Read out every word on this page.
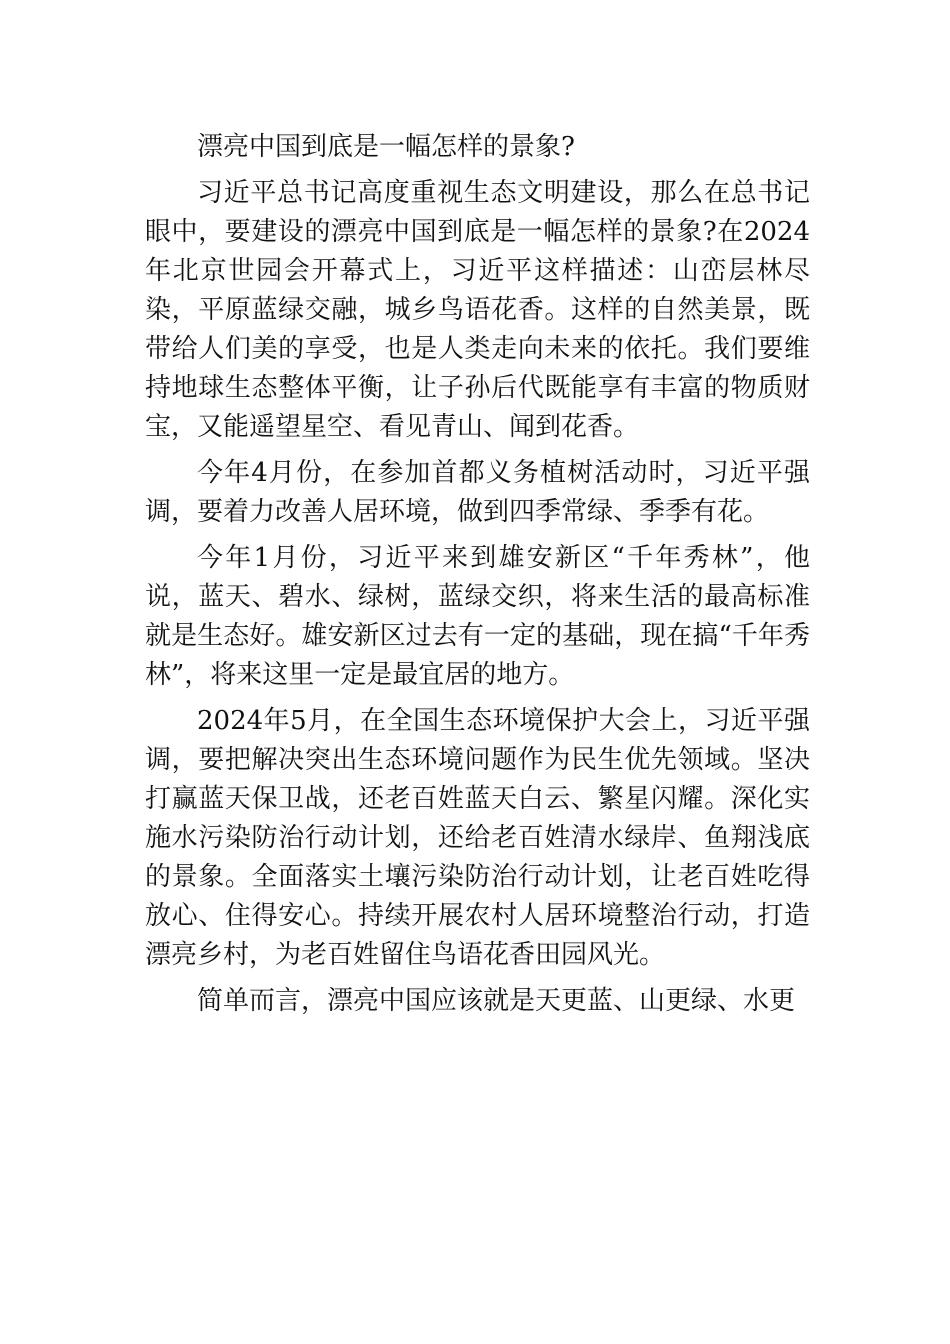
漂亮中国到底是一幅怎样的景象?

习近平总书记高度重视生态文明建设，那么在总书记眼中，要建设的漂亮中国到底是一幅怎样的景象?在2024年北京世园会开幕式上，习近平这样描述：山峦层林尽染，平原蓝绿交融，城乡鸟语花香。这样的自然美景，既带给人们美的享受，也是人类走向未来的依托。我们要维持地球生态整体平衡，让子孙后代既能享有丰富的物质财宝，又能遥望星空、看见青山、闻到花香。

今年4月份，在参加首都义务植树活动时，习近平强调，要着力改善人居环境，做到四季常绿、季季有花。

今年1月份，习近平来到雄安新区“千年秀林”，他说，蓝天、碧水、绿树，蓝绿交织，将来生活的最高标准就是生态好。雄安新区过去有一定的基础，现在搞“千年秀林”，将来这里一定是最宜居的地方。

2024年5月，在全国生态环境保护大会上，习近平强调，要把解决突出生态环境问题作为民生优先领域。坚决打赢蓝天保卫战，还老百姓蓝天白云、繁星闪耀。深化实施水污染防治行动计划，还给老百姓清水绿岸、鱼翔浅底的景象。全面落实土壤污染防治行动计划，让老百姓吃得放心、住得安心。持续开展农村人居环境整治行动，打造漂亮乡村，为老百姓留住鸟语花香田园风光。

简单而言，漂亮中国应该就是天更蓝、山更绿、水更
